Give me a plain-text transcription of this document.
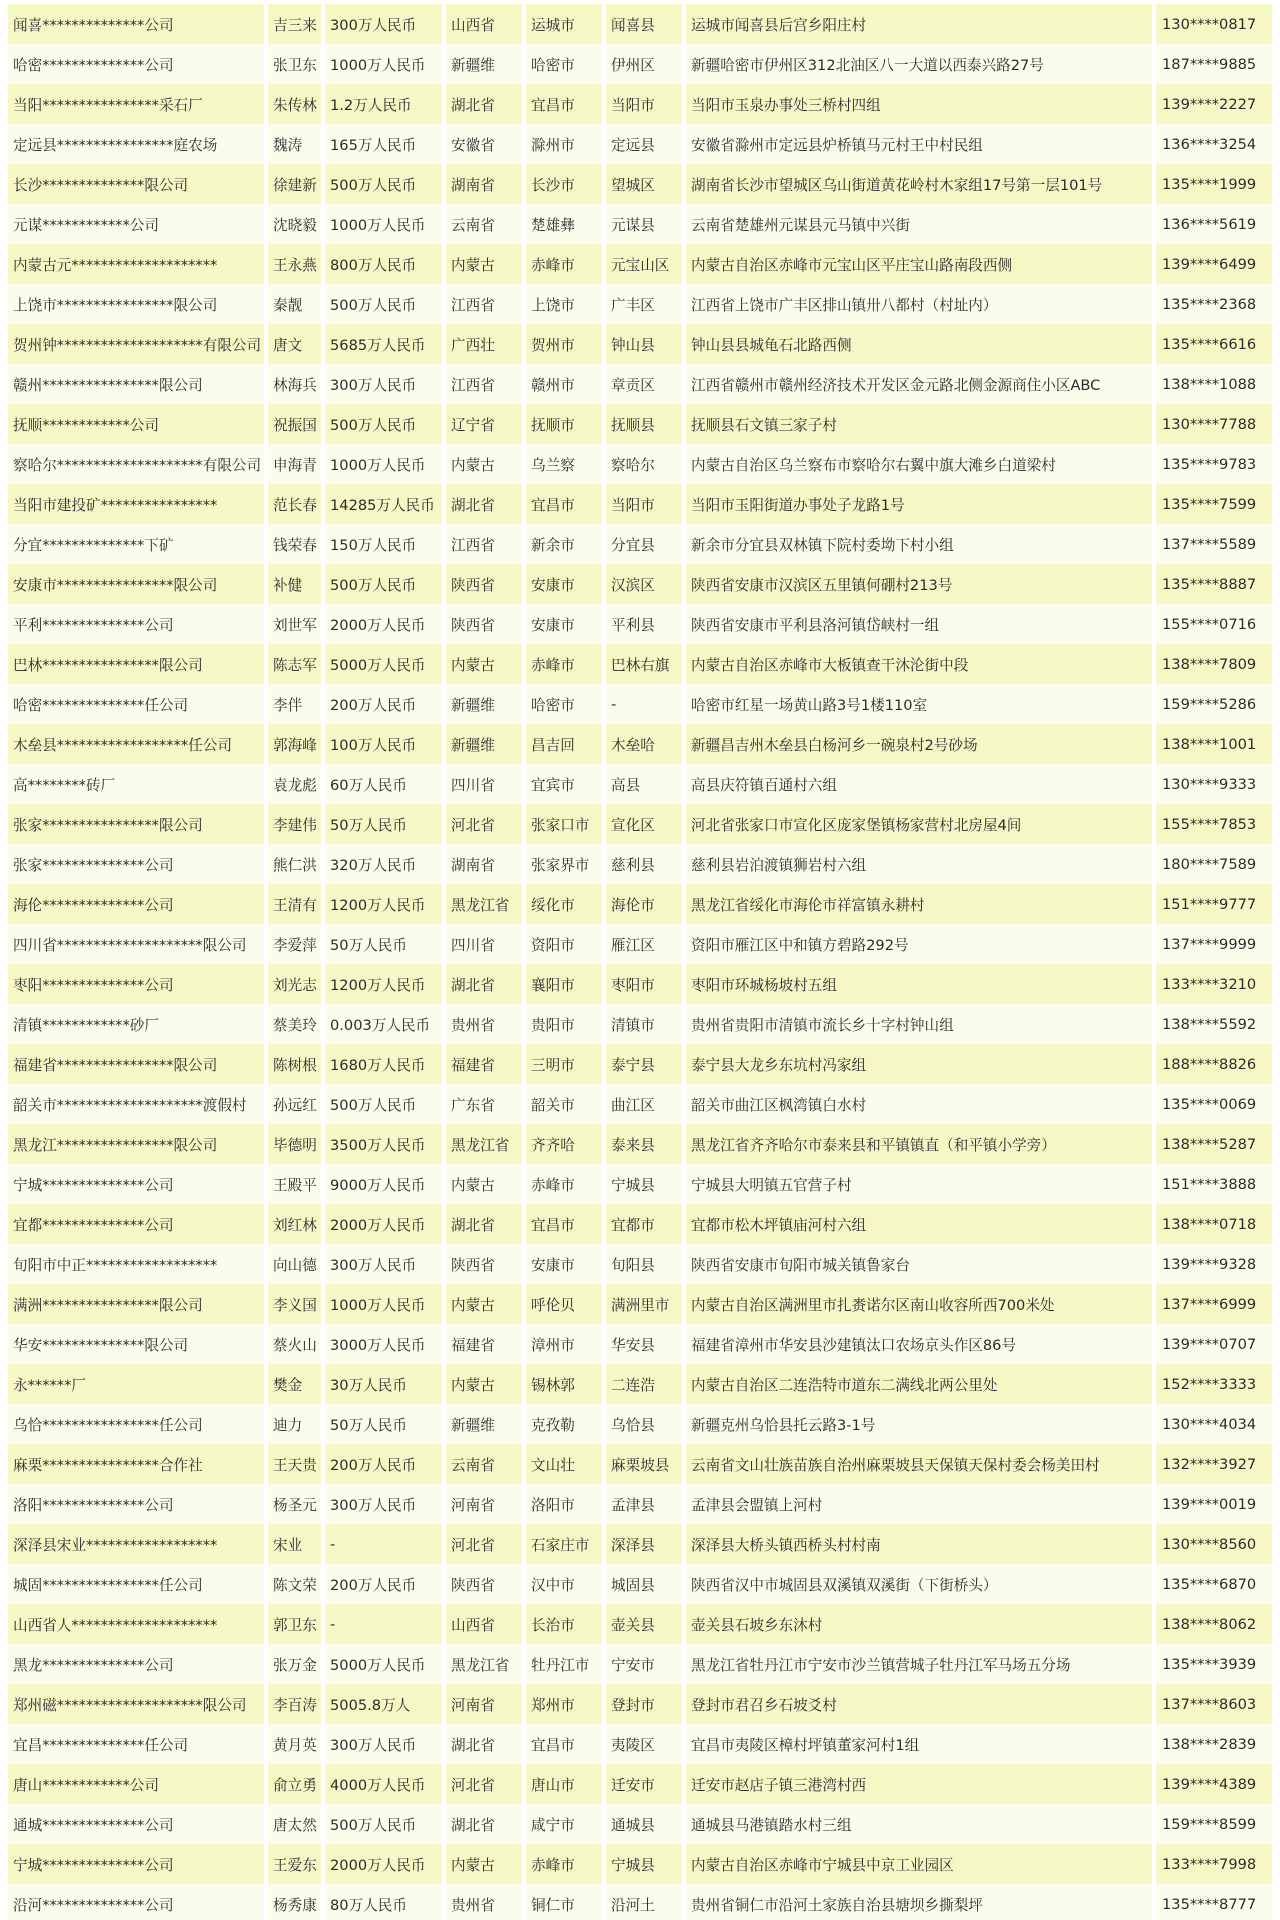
闻喜**************公司	吉三来	300万人民币	山西省	运城市	闻喜县	运城市闻喜县后宫乡阳庄村	130****0817
哈密**************公司	张卫东	1000万人民币	新疆维	哈密市	伊州区	新疆哈密市伊州区312北油区八一大道以西泰兴路27号	187****9885
当阳****************采石厂	朱传林	1.2万人民币	湖北省	宜昌市	当阳市	当阳市玉泉办事处三桥村四组	139****2227
定远县****************庭农场	魏涛	165万人民币	安徽省	滁州市	定远县	安徽省滁州市定远县炉桥镇马元村王中村民组	136****3254
长沙**************限公司	徐建新	500万人民币	湖南省	长沙市	望城区	湖南省长沙市望城区乌山街道黄花岭村木家组17号第一层101号	135****1999
元谋************公司	沈晓毅	1000万人民币	云南省	楚雄彝	元谋县	云南省楚雄州元谋县元马镇中兴街	136****5619
内蒙古元********************	王永燕	800万人民币	内蒙古	赤峰市	元宝山区	内蒙古自治区赤峰市元宝山区平庄宝山路南段西侧	139****6499
上饶市****************限公司	秦靓	500万人民币	江西省	上饶市	广丰区	江西省上饶市广丰区排山镇卅八都村（村址内）	135****2368
贺州钟********************有限公司	唐文	5685万人民币	广西壮	贺州市	钟山县	钟山县县城龟石北路西侧	135****6616
赣州****************限公司	林海兵	300万人民币	江西省	赣州市	章贡区	江西省赣州市赣州经济技术开发区金元路北侧金源商住小区ABC	138****1088
抚顺************公司	祝振国	500万人民币	辽宁省	抚顺市	抚顺县	抚顺县石文镇三家子村	130****7788
察哈尔********************有限公司	申海青	1000万人民币	内蒙古	乌兰察	察哈尔	内蒙古自治区乌兰察布市察哈尔右翼中旗大滩乡白道梁村	135****9783
当阳市建投矿****************	范长春	14285万人民币	湖北省	宜昌市	当阳市	当阳市玉阳街道办事处子龙路1号	135****7599
分宜**************下矿	钱荣春	150万人民币	江西省	新余市	分宜县	新余市分宜县双林镇下院村委坳下村小组	137****5589
安康市****************限公司	补健	500万人民币	陕西省	安康市	汉滨区	陕西省安康市汉滨区五里镇何硼村213号	135****8887
平利**************公司	刘世军	2000万人民币	陕西省	安康市	平利县	陕西省安康市平利县洛河镇岱峡村一组	155****0716
巴林****************限公司	陈志军	5000万人民币	内蒙古	赤峰市	巴林右旗	内蒙古自治区赤峰市大板镇查干沐沦街中段	138****7809
哈密**************任公司	李伴	200万人民币	新疆维	哈密市	-	哈密市红星一场黄山路3号1楼110室	159****5286
木垒县******************任公司	郭海峰	100万人民币	新疆维	昌吉回	木垒哈	新疆昌吉州木垒县白杨河乡一碗泉村2号砂场	138****1001
高********砖厂	袁龙彪	60万人民币	四川省	宜宾市	高县	高县庆符镇百通村六组	130****9333
张家****************限公司	李建伟	50万人民币	河北省	张家口市	宣化区	河北省张家口市宣化区庞家堡镇杨家营村北房屋4间	155****7853
张家**************公司	熊仁洪	320万人民币	湖南省	张家界市	慈利县	慈利县岩泊渡镇狮岩村六组	180****7589
海伦**************公司	王清有	1200万人民币	黑龙江省	绥化市	海伦市	黑龙江省绥化市海伦市祥富镇永耕村	151****9777
四川省********************限公司	李爱萍	50万人民币	四川省	资阳市	雁江区	资阳市雁江区中和镇方碧路292号	137****9999
枣阳**************公司	刘光志	1200万人民币	湖北省	襄阳市	枣阳市	枣阳市环城杨坡村五组	133****3210
清镇************砂厂	蔡美玲	0.003万人民币	贵州省	贵阳市	清镇市	贵州省贵阳市清镇市流长乡十字村钟山组	138****5592
福建省****************限公司	陈树根	1680万人民币	福建省	三明市	泰宁县	泰宁县大龙乡东坑村冯家组	188****8826
韶关市********************渡假村	孙远红	500万人民币	广东省	韶关市	曲江区	韶关市曲江区枫湾镇白水村	135****0069
黑龙江****************限公司	毕德明	3500万人民币	黑龙江省	齐齐哈	泰来县	黑龙江省齐齐哈尔市泰来县和平镇镇直（和平镇小学旁）	138****5287
宁城**************公司	王殿平	9000万人民币	内蒙古	赤峰市	宁城县	宁城县大明镇五官营子村	151****3888
宜都**************公司	刘红林	2000万人民币	湖北省	宜昌市	宜都市	宜都市松木坪镇庙河村六组	138****0718
旬阳市中正******************	向山德	300万人民币	陕西省	安康市	旬阳县	陕西省安康市旬阳市城关镇鲁家台	139****9328
满洲****************限公司	李义国	1000万人民币	内蒙古	呼伦贝	满洲里市	内蒙古自治区满洲里市扎赉诺尔区南山收容所西700米处	137****6999
华安**************限公司	蔡火山	3000万人民币	福建省	漳州市	华安县	福建省漳州市华安县沙建镇汰口农场京头作区86号	139****0707
永******厂	樊金	30万人民币	内蒙古	锡林郭	二连浩	内蒙古自治区二连浩特市道东二满线北两公里处	152****3333
乌恰****************任公司	迪力	50万人民币	新疆维	克孜勒	乌恰县	新疆克州乌恰县托云路3-1号	130****4034
麻栗****************合作社	王天贵	200万人民币	云南省	文山壮	麻栗坡县	云南省文山壮族苗族自治州麻栗坡县天保镇天保村委会杨美田村	132****3927
洛阳**************公司	杨圣元	300万人民币	河南省	洛阳市	孟津县	孟津县会盟镇上河村	139****0019
深泽县宋业******************	宋业	-	河北省	石家庄市	深泽县	深泽县大桥头镇西桥头村村南	130****8560
城固****************任公司	陈文荣	200万人民币	陕西省	汉中市	城固县	陕西省汉中市城固县双溪镇双溪街（下街桥头）	135****6870
山西省人********************	郭卫东	-	山西省	长治市	壶关县	壶关县石坡乡东沐村	138****8062
黑龙**************公司	张万金	5000万人民币	黑龙江省	牡丹江市	宁安市	黑龙江省牡丹江市宁安市沙兰镇营城子牡丹江军马场五分场	135****3939
郑州磁********************限公司	李百涛	5005.8万人	河南省	郑州市	登封市	登封市君召乡石坡爻村	137****8603
宜昌**************任公司	黄月英	300万人民币	湖北省	宜昌市	夷陵区	宜昌市夷陵区樟村坪镇董家河村1组	138****2839
唐山************公司	俞立勇	4000万人民币	河北省	唐山市	迁安市	迁安市赵店子镇三港湾村西	139****4389
通城**************公司	唐太然	500万人民币	湖北省	咸宁市	通城县	通城县马港镇踏水村三组	159****8599
宁城**************公司	王爱东	2000万人民币	内蒙古	赤峰市	宁城县	内蒙古自治区赤峰市宁城县中京工业园区	133****7998
沿河**************公司	杨秀康	80万人民币	贵州省	铜仁市	沿河土	贵州省铜仁市沿河土家族自治县塘坝乡撕梨坪	135****8777
